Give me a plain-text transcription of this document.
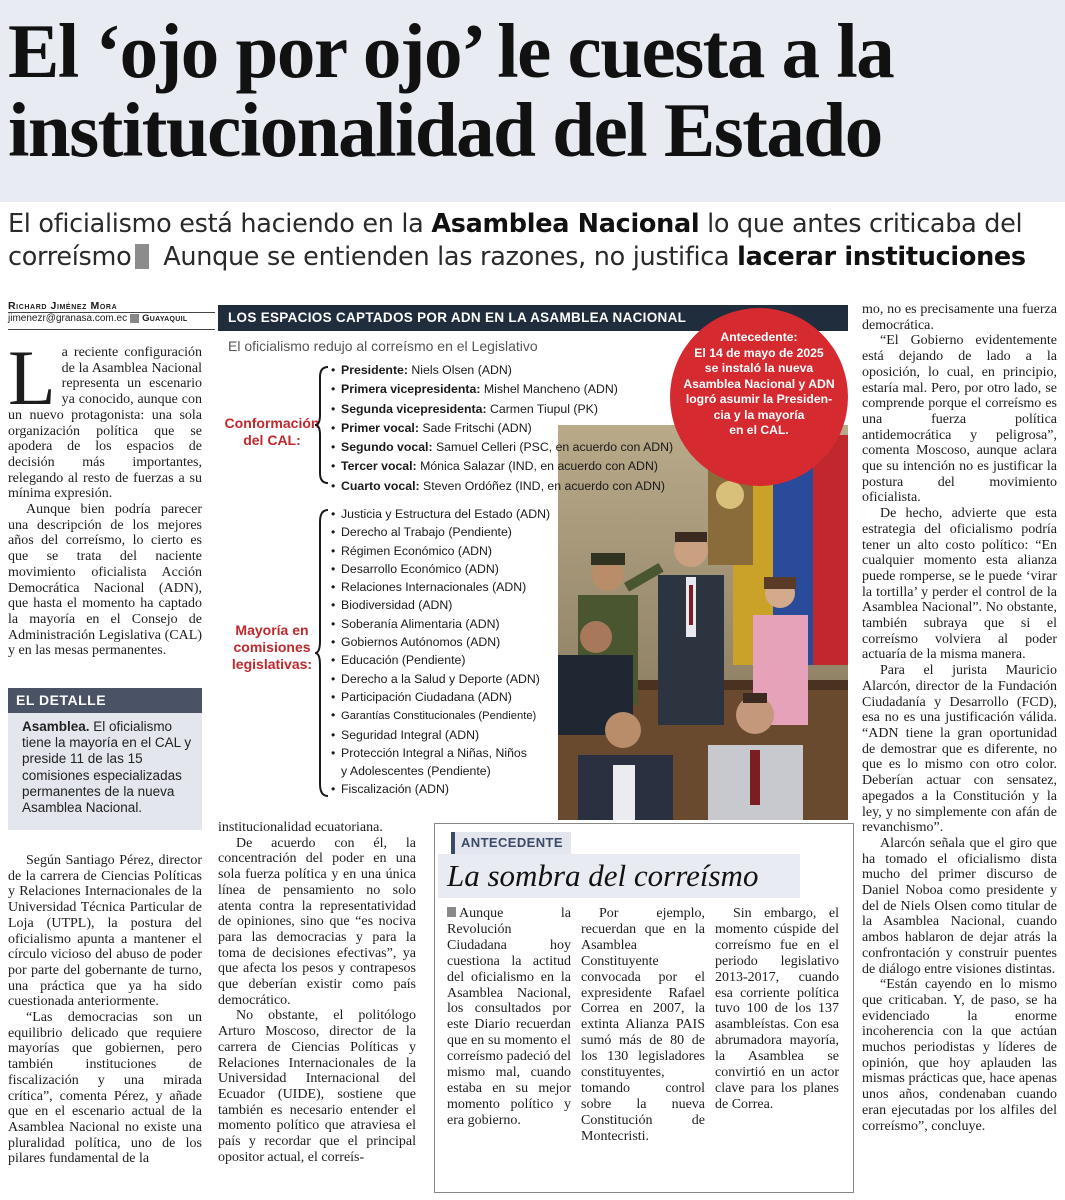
El ‘ojo por ojo’ le cuesta a la
institucionalidad del Estado
El oficialismo está haciendo en la Asamblea Nacional lo que antes criticaba del correísmo Aunque se entienden las razones, no justifica lacerar instituciones
Richard Jiménez Mora
jimenezr@granasa.com.ec Guayaquil

La reciente configuración de la Asamblea Nacional representa un escenario ya conocido, aunque con un nuevo protagonista: una sola organización política que se apodera de los espacios de decisión más importantes, relegando al resto de fuerzas a su mínima expresión.

Aunque bien podría parecer una descripción de los mejores años del correísmo, lo cierto es que se trata del naciente movimiento oficialista Acción Democrática Nacional (ADN), que hasta el momento ha captado la mayoría en el Consejo de Administración Legislativa (CAL) y en las mesas permanentes.

EL DETALLE
Asamblea. El oficialismo tiene la mayoría en el CAL y preside 11 de las 15 comisiones especializadas permanentes de la nueva Asamblea Nacional.

Según Santiago Pérez, director de la carrera de Ciencias Políticas y Relaciones Internacionales de la Universidad Técnica Particular de Loja (UTPL), la postura del oficialismo apunta a mantener el círculo vicioso del abuso de poder por parte del gobernante de turno, una práctica que ya ha sido cuestionada anteriormente.

“Las democracias son un equilibrio delicado que requiere mayorías que gobiernen, pero también instituciones de fiscalización y una mirada crítica”, comenta Pérez, y añade que en el escenario actual de la Asamblea Nacional no existe una pluralidad política, uno de los pilares fundamental de la

LOS ESPACIOS CAPTADOS POR ADN EN LA ASAMBLEA NACIONAL
El oficialismo redujo al correísmo en el Legislativo
Conformación del CAL:
• Presidente: Niels Olsen (ADN)
• Primera vicepresidenta: Mishel Mancheno (ADN)
• Segunda vicepresidenta: Carmen Tiupul (PK)
• Primer vocal: Sade Fritschi (ADN)
• Segundo vocal: Samuel Celleri (PSC, en acuerdo con ADN)
• Tercer vocal: Mónica Salazar (IND, en acuerdo con ADN)
• Cuarto vocal: Steven Ordóñez (IND, en acuerdo con ADN)
Mayoría en comisiones legislativas:
• Justicia y Estructura del Estado (ADN)
• Derecho al Trabajo (Pendiente)
• Régimen Económico (ADN)
• Desarrollo Económico (ADN)
• Relaciones Internacionales (ADN)
• Biodiversidad (ADN)
• Soberanía Alimentaria (ADN)
• Gobiernos Autónomos (ADN)
• Educación (Pendiente)
• Derecho a la Salud y Deporte (ADN)
• Participación Ciudadana (ADN)
• Garantías Constitucionales (Pendiente)
• Seguridad Integral (ADN)
• Protección Integral a Niñas, Niños
y Adolescentes (Pendiente)
• Fiscalización (ADN)
Antecedente:
El 14 de mayo de 2025
se instaló la nueva
Asamblea Nacional y ADN
logró asumir la Presiden-
cia y la mayoría
en el CAL.

institucionalidad ecuatoriana.

De acuerdo con él, la concentración del poder en una sola fuerza política y en una única línea de pensamiento no solo atenta contra la representatividad de opiniones, sino que “es nociva para las democracias y para la toma de decisiones efectivas”, ya que afecta los pesos y contrapesos que deberían existir como país democrático.

No obstante, el politólogo Arturo Moscoso, director de la carrera de Ciencias Políticas y Relaciones Internacionales de la Universidad Internacional del Ecuador (UIDE), sostiene que también es necesario entender el momento político que atraviesa el país y recordar que el principal opositor actual, el correís-

mo, no es precisamente una fuerza democrática.

“El Gobierno evidentemente está dejando de lado a la oposición, lo cual, en principio, estaría mal. Pero, por otro lado, se comprende porque el correísmo es una fuerza política antidemocrática y peligrosa”, comenta Moscoso, aunque aclara que su intención no es justificar la postura del movimiento oficialista.

De hecho, advierte que esta estrategia del oficialismo podría tener un alto costo político: “En cualquier momento esta alianza puede romperse, se le puede ‘virar la tortilla’ y perder el control de la Asamblea Nacional”. No obstante, también subraya que si el correísmo volviera al poder actuaría de la misma manera.

Para el jurista Mauricio Alarcón, director de la Fundación Ciudadanía y Desarrollo (FCD), esa no es una justificación válida. “ADN tiene la gran oportunidad de demostrar que es diferente, no que es lo mismo con otro color. Deberían actuar con sensatez, apegados a la Constitución y la ley, y no simplemente con afán de revanchismo”.

Alarcón señala que el giro que ha tomado el oficialismo dista mucho del primer discurso de Daniel Noboa como presidente y del de Niels Olsen como titular de la Asamblea Nacional, cuando ambos hablaron de dejar atrás la confrontación y construir puentes de diálogo entre visiones distintas.

“Están cayendo en lo mismo que criticaban. Y, de paso, se ha evidenciado la enorme incoherencia con la que actúan muchos periodistas y líderes de opinión, que hoy aplauden las mismas prácticas que, hace apenas unos años, condenaban cuando eran ejecutadas por los alfiles del correísmo”, concluye.

ANTECEDENTE
La sombra del correísmo
Aunque la Revolución Ciudadana hoy cuestiona la actitud del oficialismo en la Asamblea Nacional, los consultados por este Diario recuerdan que en su momento el correísmo padeció del mismo mal, cuando estaba en su mejor momento político y era gobierno.
Por ejemplo, recuerdan que en la Asamblea Constituyente convocada por el expresidente Rafael Correa en 2007, la extinta Alianza PAIS sumó más de 80 de los 130 legisladores constituyentes, tomando control sobre la nueva Constitución de Montecristi.
Sin embargo, el momento cúspide del correísmo fue en el periodo legislativo 2013-2017, cuando esa corriente política tuvo 100 de los 137 asambleístas. Con esa abrumadora mayoría, la Asamblea se convirtió en un actor clave para los planes de Correa.
